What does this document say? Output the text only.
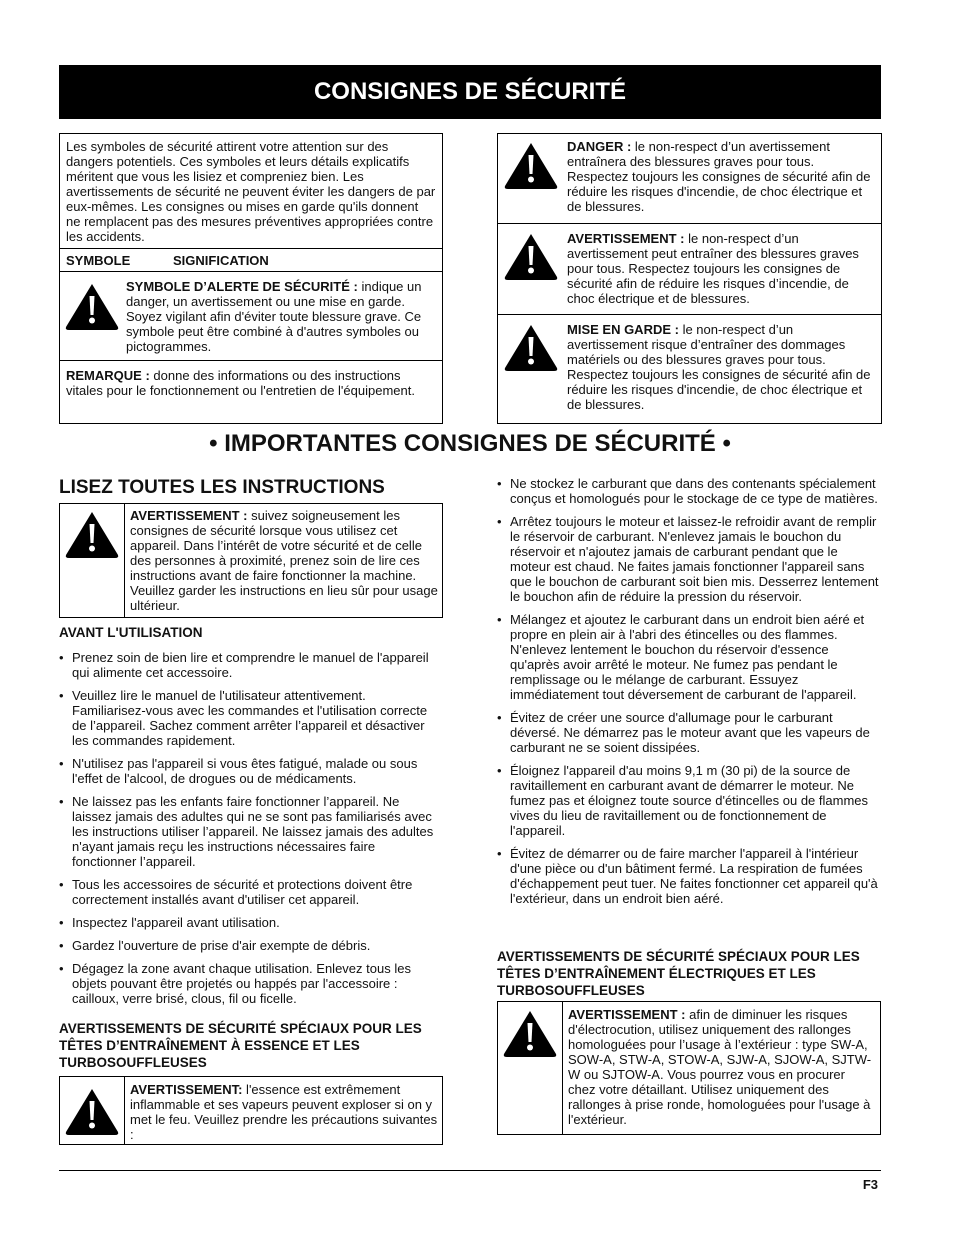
CONSIGNES DE SÉCURITÉ
Les symboles de sécurité attirent votre attention sur des dangers potentiels. Ces symboles et leurs détails explicatifs méritent que vous les lisiez et compreniez bien. Les avertissements de sécurité ne peuvent éviter les dangers de par eux-mêmes. Les consignes ou mises en garde qu'ils donnent ne remplacent pas des mesures préventives appropriées contre les accidents.
SYMBOLE	SIGNIFICATION
SYMBOLE D’ALERTE DE SÉCURITÉ : indique un danger, un avertissement ou une mise en garde. Soyez vigilant afin d'éviter toute blessure grave. Ce symbole peut être combiné à d'autres symboles ou pictogrammes.
REMARQUE : donne des informations ou des instructions vitales pour le fonctionnement ou l'entretien de l'équipement.
DANGER : le non-respect d’un avertissement entraînera des blessures graves pour tous. Respectez toujours les consignes de sécurité afin de réduire les risques d'incendie, de choc électrique et de blessures.
AVERTISSEMENT : le non-respect d’un avertissement peut entraîner des blessures graves pour tous. Respectez toujours les consignes de sécurité afin de réduire les risques d’incendie, de choc électrique et de blessures.
MISE EN GARDE : le non-respect d’un avertissement risque d’entraîner des dommages matériels ou des blessures graves pour tous. Respectez toujours les consignes de sécurité afin de réduire les risques d'incendie, de choc électrique et de blessures.
• IMPORTANTES CONSIGNES DE SÉCURITÉ •
LISEZ TOUTES LES INSTRUCTIONS
AVERTISSEMENT : suivez soigneusement les consignes de sécurité lorsque vous utilisez cet appareil. Dans l’intérêt de votre sécurité et de celle des personnes à proximité, prenez soin de lire ces instructions avant de faire fonctionner la machine. Veuillez garder les instructions en lieu sûr pour usage ultérieur.
AVANT L'UTILISATION
• Prenez soin de bien lire et comprendre le manuel de l'appareil qui alimente cet accessoire.
• Veuillez lire le manuel de l'utilisateur attentivement. Familiarisez-vous avec les commandes et l'utilisation correcte de l’appareil. Sachez comment arrêter l’appareil et désactiver les commandes rapidement.
• N'utilisez pas l'appareil si vous êtes fatigué, malade ou sous l'effet de l'alcool, de drogues ou de médicaments.
• Ne laissez pas les enfants faire fonctionner l’appareil. Ne laissez jamais des adultes qui ne se sont pas familiarisés avec les instructions utiliser l’appareil. Ne laissez jamais des adultes n'ayant jamais reçu les instructions nécessaires faire fonctionner l’appareil.
• Tous les accessoires de sécurité et protections doivent être correctement installés avant d'utiliser cet appareil.
• Inspectez l'appareil avant utilisation.
• Gardez l'ouverture de prise d'air exempte de débris.
• Dégagez la zone avant chaque utilisation. Enlevez tous les objets pouvant être projetés ou happés par l'accessoire : cailloux, verre brisé, clous, fil ou ficelle.
AVERTISSEMENTS DE SÉCURITÉ SPÉCIAUX POUR LES TÊTES D’ENTRAÎNEMENT À ESSENCE ET LES TURBOSOUFFLEUSES
AVERTISSEMENT: l'essence est extrêmement inflammable et ses vapeurs peuvent exploser si on y met le feu. Veuillez prendre les précautions suivantes :
• Ne stockez le carburant que dans des contenants spécialement conçus et homologués pour le stockage de ce type de matières.
• Arrêtez toujours le moteur et laissez-le refroidir avant de remplir le réservoir de carburant. N'enlevez jamais le bouchon du réservoir et n'ajoutez jamais de carburant pendant que le moteur est chaud. Ne faites jamais fonctionner l'appareil sans que le bouchon de carburant soit bien mis. Desserrez lentement le bouchon afin de réduire la pression du réservoir.
• Mélangez et ajoutez le carburant dans un endroit bien aéré et propre en plein air à l'abri des étincelles ou des flammes. N'enlevez lentement le bouchon du réservoir d'essence qu'après avoir arrêté le moteur. Ne fumez pas pendant le remplissage ou le mélange de carburant. Essuyez immédiatement tout déversement de carburant de l'appareil.
• Évitez de créer une source d'allumage pour le carburant déversé. Ne démarrez pas le moteur avant que les vapeurs de carburant ne se soient dissipées.
• Éloignez l'appareil d'au moins 9,1 m (30 pi) de la source de ravitaillement en carburant avant de démarrer le moteur. Ne fumez pas et éloignez toute source d'étincelles ou de flammes vives du lieu de ravitaillement ou de fonctionnement de l'appareil.
• Évitez de démarrer ou de faire marcher l'appareil à l'intérieur d'une pièce ou d'un bâtiment fermé. La respiration de fumées d'échappement peut tuer. Ne faites fonctionner cet appareil qu'à l'extérieur, dans un endroit bien aéré.
AVERTISSEMENTS DE SÉCURITÉ SPÉCIAUX POUR LES TÊTES D’ENTRAÎNEMENT ÉLECTRIQUES ET LES TURBOSOUFFLEUSES
AVERTISSEMENT : afin de diminuer les risques d'électrocution, utilisez uniquement des rallonges homologuées pour l’usage à l’extérieur : type SW-A, SOW-A, STW-A, STOW-A, SJW-A, SJOW-A, SJTW-W ou SJTOW-A. Vous pourrez vous en procurer chez votre détaillant. Utilisez uniquement des rallonges à prise ronde, homologuées pour l'usage à l'extérieur.
F3
